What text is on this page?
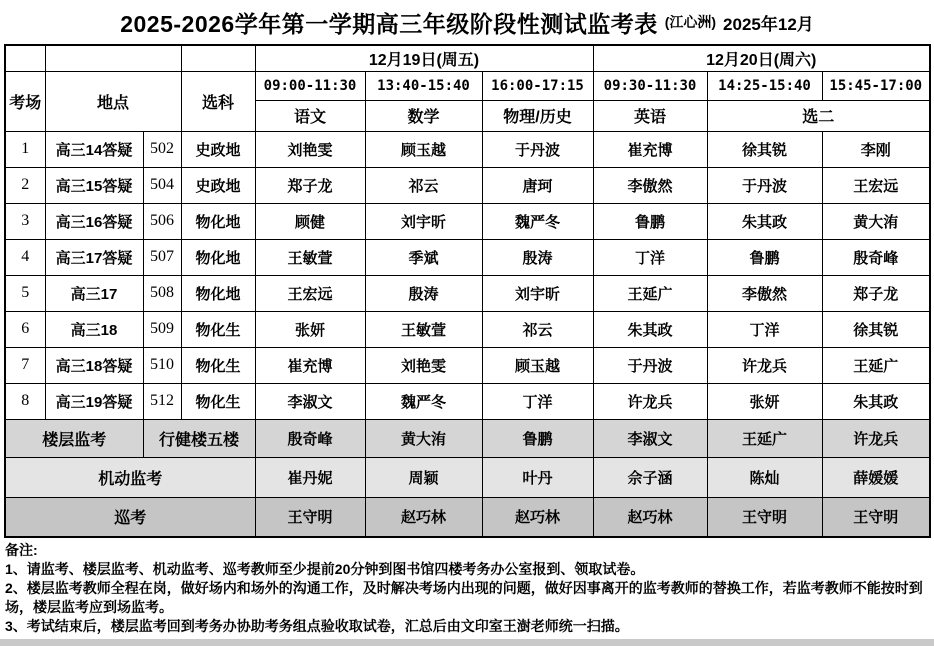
2025-2026学年第一学期高三年级阶段性测试监考表 (江心洲) 2025年12月
				12月19日(周五)			12月20日(周六)		
考场	地点		选科	09:00-11:30	13:40-15:40	16:00-17:15	09:30-11:30	14:25-15:40	15:45-17:00
				语文	数学	物理/历史	英语	选二	
1	高三14答疑	502	史政地	刘艳雯	顾玉越	于丹波	崔充博	徐其锐	李刚
2	高三15答疑	504	史政地	郑子龙	祁云	唐珂	李傲然	于丹波	王宏远
3	高三16答疑	506	物化地	顾健	刘宇昕	魏严冬	鲁鹏	朱其政	黄大洧
4	高三17答疑	507	物化地	王敏萱	季斌	殷涛	丁洋	鲁鹏	殷奇峰
5	高三17	508	物化地	王宏远	殷涛	刘宇昕	王延广	李傲然	郑子龙
6	高三18	509	物化生	张妍	王敏萱	祁云	朱其政	丁洋	徐其锐
7	高三18答疑	510	物化生	崔充博	刘艳雯	顾玉越	于丹波	许龙兵	王延广
8	高三19答疑	512	物化生	李淑文	魏严冬	丁洋	许龙兵	张妍	朱其政
楼层监考		行健楼五楼		殷奇峰	黄大洧	鲁鹏	李淑文	王延广	许龙兵
机动监考				崔丹妮	周颖	叶丹	佘子涵	陈灿	薛媛媛
巡考				王守明	赵巧林	赵巧林	赵巧林	王守明	王守明
备注:
1、请监考、楼层监考、机动监考、巡考教师至少提前20分钟到图书馆四楼考务办公室报到、领取试卷。
2、楼层监考教师全程在岗，做好场内和场外的沟通工作，及时解决考场内出现的问题，做好因事离开的监考教师的替换工作，若监考教师不能按时到场，楼层监考应到场监考。
3、考试结束后，楼层监考回到考务办协助考务组点验收取试卷，汇总后由文印室王澍老师统一扫描。
